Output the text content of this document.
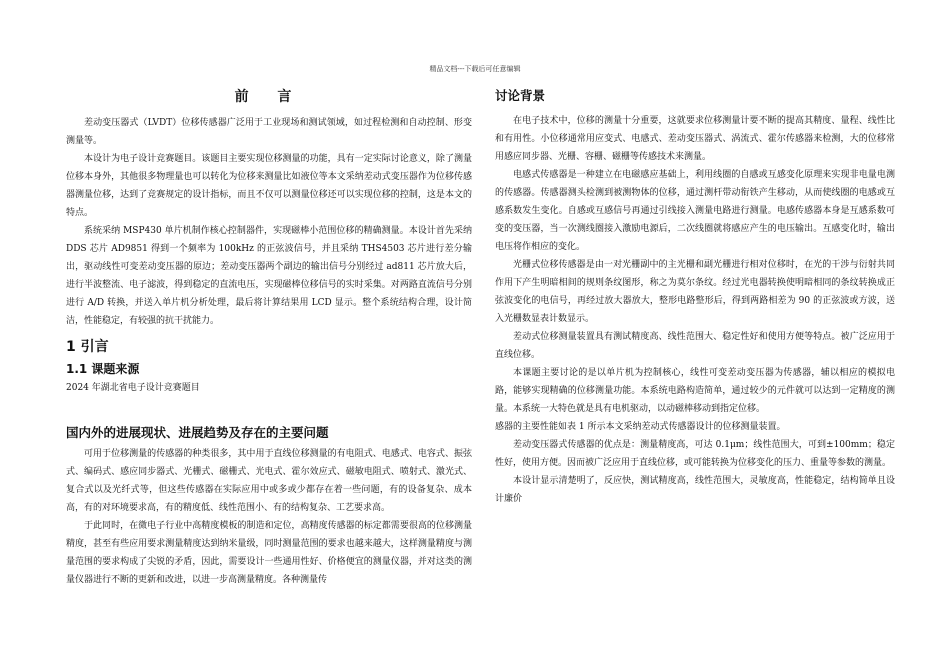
精品文档---下载后可任意编辑
前 言

差动变压器式（LVDT）位移传感器广泛用于工业现场和测试领域，如过程检测和自动控制、形变测量等。

本设计为电子设计竞赛题目。该题目主要实现位移测量的功能，具有一定实际讨论意义，除了测量位移本身外，其他很多物理量也可以转化为位移来测量比如液位等本文采纳差动式变压器作为位移传感器测量位移，达到了竞赛规定的设计指标，而且不仅可以测量位移还可以实现位移的控制，这是本文的特点。

系统采纳 MSP430 单片机制作核心控制器件，实现磁棒小范围位移的精确测量。本设计首先采纳 DDS 芯片 AD9851 得到一个频率为 100kHz 的正弦波信号，并且采纳 THS4503 芯片进行差分输出，驱动线性可变差动变压器的原边；差动变压器两个副边的输出信号分别经过 ad811 芯片放大后，进行半波整流、电子滤波，得到稳定的直流电压，实现磁棒位移信号的实时采集。对两路直流信号分别进行 A/D 转换，并送入单片机分析处理，最后将计算结果用 LCD 显示。整个系统结构合理，设计简洁，性能稳定，有较强的抗干扰能力。

1 引言
1.1 课题来源

2024 年湖北省电子设计竞赛题目

国内外的进展现状、进展趋势及存在的主要问题

可用于位移测量的传感器的种类很多，其中用于直线位移测量的有电阻式、电感式、电容式、振弦式、编码式、感应同步器式、光栅式、磁栅式、光电式、霍尔效应式、磁敏电阻式、喷射式、激光式、复合式以及光纤式等，但这些传感器在实际应用中或多或少都存在着一些问题，有的设备复杂、成本高，有的对环境要求高，有的精度低、线性范围小、有的结构复杂、工艺要求高。

于此同时，在微电子行业中高精度模板的制造和定位，高精度传感器的标定都需要很高的位移测量精度，甚至有些应用要求测量精度达到纳米量级，同时测量范围的要求也越来越大，这样测量精度与测量范围的要求构成了尖锐的矛盾，因此，需要设计一些通用性好、价格便宜的测量仪器，并对这类的测量仪器进行不断的更新和改进，以进一步高测量精度。各种测量传

讨论背景

在电子技术中，位移的测量十分重要，这就要求位移测量计要不断的提高其精度、量程、线性比和有用性。小位移通常用应变式、电感式、差动变压器式、涡流式、霍尔传感器来检测，大的位移常用感应同步器、光栅、容栅、磁栅等传感技术来测量。

电感式传感器是一种建立在电磁感应基础上，利用线圈的自感或互感变化原理来实现非电量电测的传感器。传感器测头检测到被测物体的位移，通过测杆带动衔铁产生移动，从而使线圈的电感或互感系数发生变化。自感或互感信号再通过引线接入测量电路进行测量。电感传感器本身是互感系数可变的变压器，当一次测线圈接入激励电源后，二次线圈就将感应产生的电压输出。互感变化时，输出电压将作相应的变化。

光栅式位移传感器是由一对光栅副中的主光栅和副光栅进行相对位移时，在光的干涉与衍射共同作用下产生明暗相间的规则条纹图形，称之为莫尔条纹。经过光电器转换使明暗相同的条纹转换成正弦波变化的电信号，再经过放大器放大，整形电路整形后，得到两路相差为 90 的正弦波或方波，送入光栅数显表计数显示。

差动式位移测量装置具有测试精度高、线性范围大、稳定性好和使用方便等特点。被广泛应用于直线位移。

本课题主要讨论的是以单片机为控制核心，线性可变差动变压器为传感器，辅以相应的模拟电路，能够实现精确的位移测量功能。本系统电路构造简单，通过较少的元件就可以达到一定精度的测量。本系统一大特色就是具有电机驱动，以动磁棒移动到指定位移。

感器的主要性能如表 1 所示本文采纳差动式传感器设计的位移测量装置。

差动变压器式传感器的优点是：测量精度高，可达 0.1μm；线性范围大，可到±100mm；稳定性好，使用方便。因而被广泛应用于直线位移，或可能转换为位移变化的压力、重量等参数的测量。

本设计显示清楚明了，反应快，测试精度高，线性范围大，灵敏度高，性能稳定，结构简单且设计廉价
